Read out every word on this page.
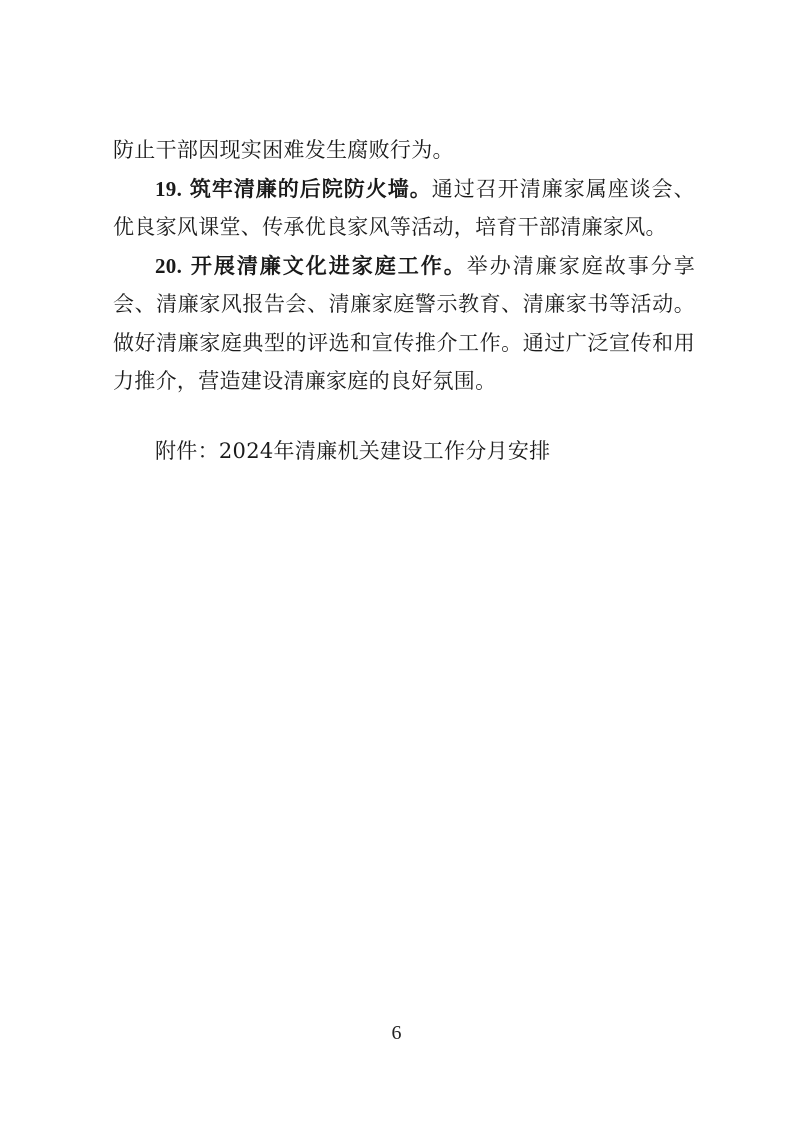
防止干部因现实困难发生腐败行为。

19. 筑牢清廉的后院防火墙。通过召开清廉家属座谈会、优良家风课堂、传承优良家风等活动，培育干部清廉家风。

20. 开展清廉文化进家庭工作。举办清廉家庭故事分享会、清廉家风报告会、清廉家庭警示教育、清廉家书等活动。做好清廉家庭典型的评选和宣传推介工作。通过广泛宣传和用力推介，营造建设清廉家庭的良好氛围。

附件：2024年清廉机关建设工作分月安排

6
